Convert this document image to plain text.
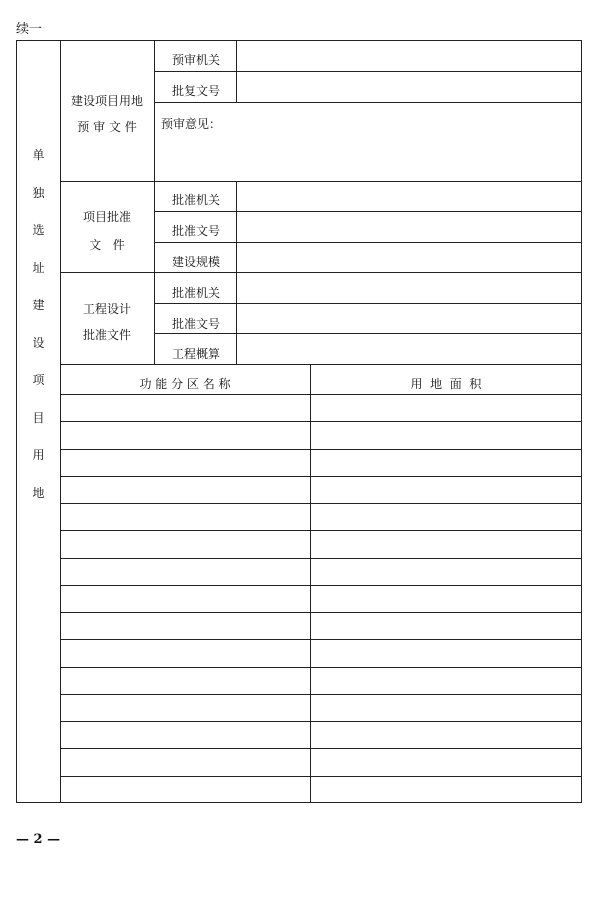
续一
单
独
选
址
建
设
项
目
用
地
建设项目用地
预 审 文 件
预审机关
批复文号
预审意见：
项目批准
文   件
批准机关
批准文号
建设规模
工程设计
批准文件
批准机关
批准文号
工程概算
功 能 分 区 名 称	用  地  面  积
— 2 —
